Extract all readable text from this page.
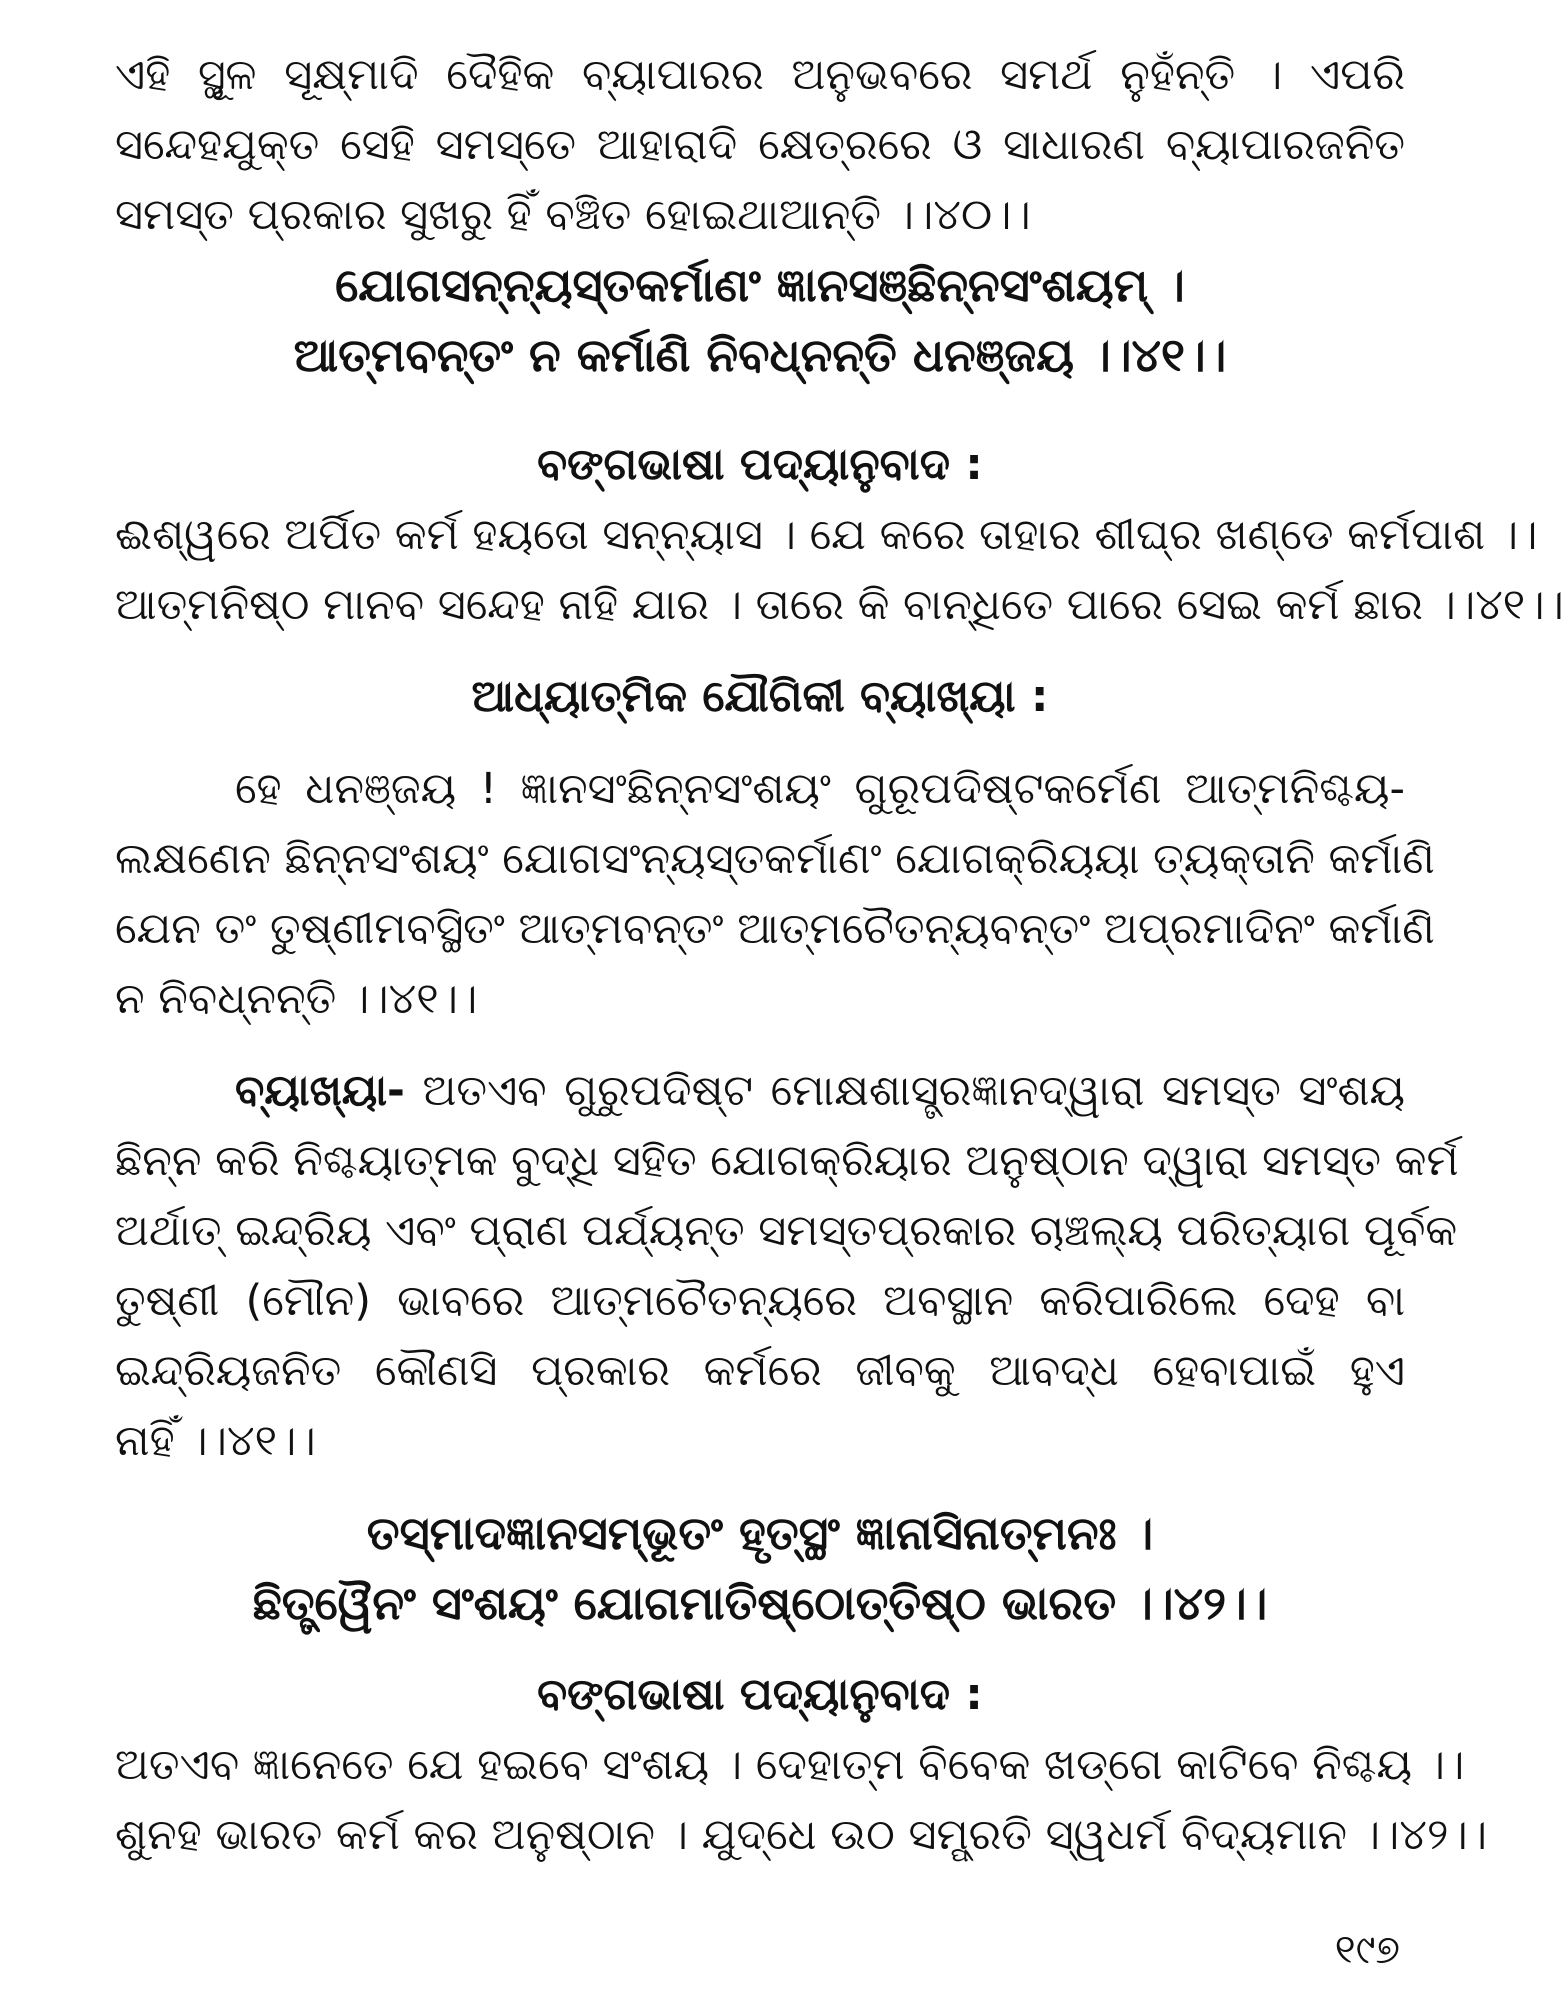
ଏହି ସ୍ଥୂଳ ସୂକ୍ଷ୍ମାଦି ଦୈହିକ ବ୍ୟାପାରର ଅନୁଭବରେ ସମର୍ଥ ନୁହଁନ୍ତି । ଏପରି
ସନ୍ଦେହଯୁକ୍ତ ସେହି ସମସ୍ତେ ଆହାରାଦି କ୍ଷେତ୍ରରେ ଓ ସାଧାରଣ ବ୍ୟାପାରଜନିତ
ସମସ୍ତ ପ୍ରକାର ସୁଖରୁ ହିଁ ବଞ୍ଚିତ ହୋଇଥାଆନ୍ତି ।।୪୦।।
ଯୋଗସନ୍ନ୍ୟସ୍ତକର୍ମାଣଂ ଜ୍ଞାନସଞ୍ଛିନ୍ନସଂଶୟମ୍ ।
ଆତ୍ମବନ୍ତଂ ନ କର୍ମାଣି ନିବଧ୍ନନ୍ତି ଧନଞ୍ଜୟ ।।୪୧।।
ବଙ୍ଗଭାଷା ପଦ୍ୟାନୁବାଦ :
ଈଶ୍ୱରେ ଅର୍ପିତ କର୍ମ ହୟତୋ ସନ୍ନ୍ୟାସ । ଯେ କରେ ତାହାର ଶୀଘ୍ର ଖଣ୍ଡେ କର୍ମପାଶ ।।
ଆତ୍ମନିଷ୍ଠ ମାନବ ସନ୍ଦେହ ନାହି ଯାର । ତାରେ କି ବାନ୍ଧିତେ ପାରେ ସେଇ କର୍ମ ଛାର ।।୪୧।।
ଆଧ୍ୟାତ୍ମିକ ଯୌଗିକୀ ବ୍ୟାଖ୍ୟା :
ହେ ଧନଞ୍ଜୟ ! ଜ୍ଞାନସଂଛିନ୍ନସଂଶୟଂ ଗୁରୂପଦିଷ୍ଟକର୍ମେଣ ଆତ୍ମନିଶ୍ଚୟ-
ଲକ୍ଷଣେନ ଛିନ୍ନସଂଶୟଂ ଯୋଗସଂନ୍ୟସ୍ତକର୍ମାଣଂ ଯୋଗକ୍ରିୟୟା ତ୍ୟକ୍ତାନି କର୍ମାଣି
ଯେନ ତଂ ତୁଷ୍ଣୀମବସ୍ଥିତଂ ଆତ୍ମବନ୍ତଂ ଆତ୍ମଚୈତନ୍ୟବନ୍ତଂ ଅପ୍ରମାଦିନଂ କର୍ମାଣି
ନ ନିବଧ୍ନନ୍ତି ।।୪୧।।
ବ୍ୟାଖ୍ୟା- ଅତଏବ ଗୁରୁପଦିଷ୍ଟ ମୋକ୍ଷଶାସ୍ତ୍ରଜ୍ଞାନଦ୍ୱାରା ସମସ୍ତ ସଂଶୟ
ଛିନ୍ନ କରି ନିଶ୍ଚୟାତ୍ମକ ବୁଦ୍ଧି ସହିତ ଯୋଗକ୍ରିୟାର ଅନୁଷ୍ଠାନ ଦ୍ୱାରା ସମସ୍ତ କର୍ମ
ଅର୍ଥାତ୍ ଇନ୍ଦ୍ରିୟ ଏବଂ ପ୍ରାଣ ପର୍ଯ୍ୟନ୍ତ ସମସ୍ତପ୍ରକାର ଚାଞ୍ଚଲ୍ୟ ପରିତ୍ୟାଗ ପୂର୍ବକ
ତୁଷ୍ଣୀ (ମୌନ) ଭାବରେ ଆତ୍ମଚୈତନ୍ୟରେ ଅବସ୍ଥାନ କରିପାରିଲେ ଦେହ ବା
ଇନ୍ଦ୍ରିୟଜନିତ କୌଣସି ପ୍ରକାର କର୍ମରେ ଜୀବକୁ ଆବଦ୍ଧ ହେବାପାଇଁ ହୁଏ
ନାହିଁ ।।୪୧।।
ତସ୍ମାଦଜ୍ଞାନସମ୍ଭୂତଂ ହୃତ୍‌ସ୍ଥଂ ଜ୍ଞାନାସିନାତ୍ମନଃ ।
ଛିତ୍ତ୍ୱୈନଂ ସଂଶୟଂ ଯୋଗମାତିଷ୍ଠୋତ୍ତିଷ୍ଠ ଭାରତ ।।୪୨।।
ବଙ୍ଗଭାଷା ପଦ୍ୟାନୁବାଦ :
ଅତଏବ ଜ୍ଞାନେତେ ଯେ ହଇବେ ସଂଶୟ । ଦେହାତ୍ମ ବିବେକ ଖଡ୍ଗେ କାଟିବେ ନିଶ୍ଚୟ ।।
ଶୁନହ ଭାରତ କର୍ମ କର ଅନୁଷ୍ଠାନ । ଯୁଦ୍ଧେ ଉଠ ସମ୍ପ୍ରତି ସ୍ୱଧର୍ମ ବିଦ୍ୟମାନ ।।୪୨।।
୧୯୭
